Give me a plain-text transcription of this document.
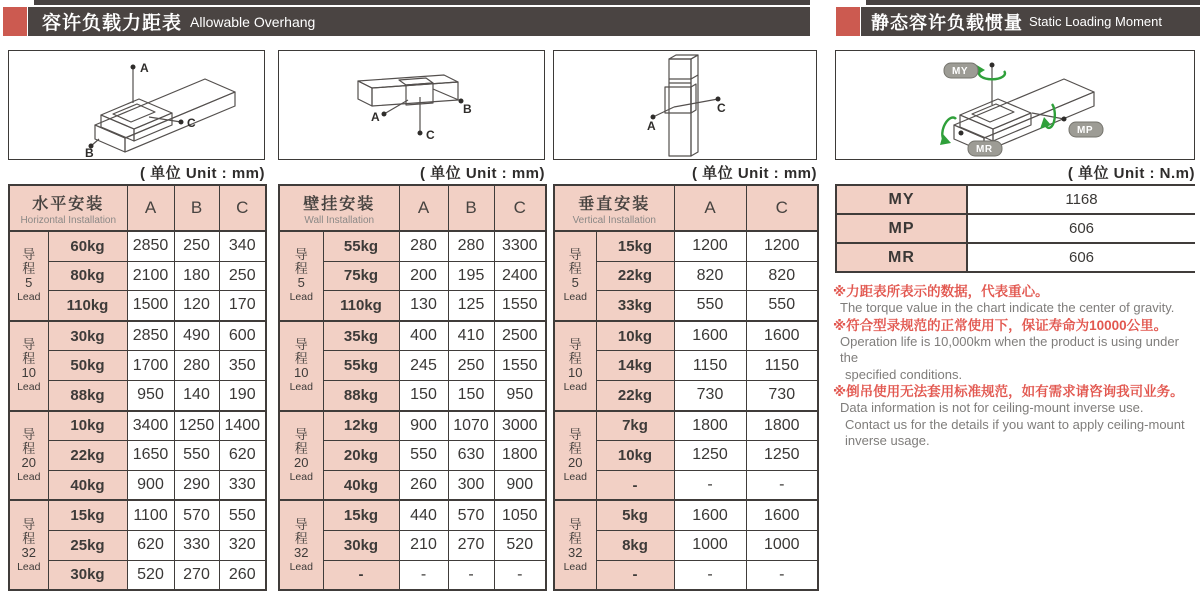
容许负载力距表 Allowable Overhang	静态容许负载惯量 Static Loading Moment
A
C
B
A
C
B
A
C
MY
MP
MR
( 单位 Unit : mm)	( 单位 Unit : mm)	( 单位 Unit : mm)	( 单位 Unit : N.m)
水平安装
Horizontal Installation		A	B	C

导
程
5
Lead	60kg	2850	250	340
	80kg	2100	180	250
	110kg	1500	120	170

导
程
10
Lead	30kg	2850	490	600
	50kg	1700	280	350
	88kg	950	140	190

导
程
20
Lead	10kg	3400	1250	1400
	22kg	1650	550	620
	40kg	900	290	330

导
程
32
Lead	15kg	1100	570	550
	25kg	620	330	320
	30kg	520	270	260
壁挂安装
Wall Installation		A	B	C

导
程
5
Lead	55kg	280	280	3300
	75kg	200	195	2400
	110kg	130	125	1550

导
程
10
Lead	35kg	400	410	2500
	55kg	245	250	1550
	88kg	150	150	950

导
程
20
Lead	12kg	900	1070	3000
	20kg	550	630	1800
	40kg	260	300	900

导
程
32
Lead	15kg	440	570	1050
	30kg	210	270	520
	-	-	-	-
垂直安装
Vertical Installation		A	C

导
程
5
Lead	15kg	1200	1200
	22kg	820	820
	33kg	550	550

导
程
10
Lead	10kg	1600	1600
	14kg	1150	1150
	22kg	730	730

导
程
20
Lead	7kg	1800	1800
	10kg	1250	1250
	-	-	-

导
程
32
Lead	5kg	1600	1600
	8kg	1000	1000
	-	-	-
MY	1168
MP	606
MR	606
※力距表所表示的数据，代表重心。
The torque value in the chart indicate the center of gravity.
※符合型录规范的正常使用下，保证寿命为10000公里。
Operation life is 10,000km when the product is using under the
specified conditions.
※倒吊使用无法套用标准规范，如有需求请咨询我司业务。
Data information is not for ceiling-mount inverse use.
Contact us for the details if you want to apply ceiling-mount
inverse usage.
